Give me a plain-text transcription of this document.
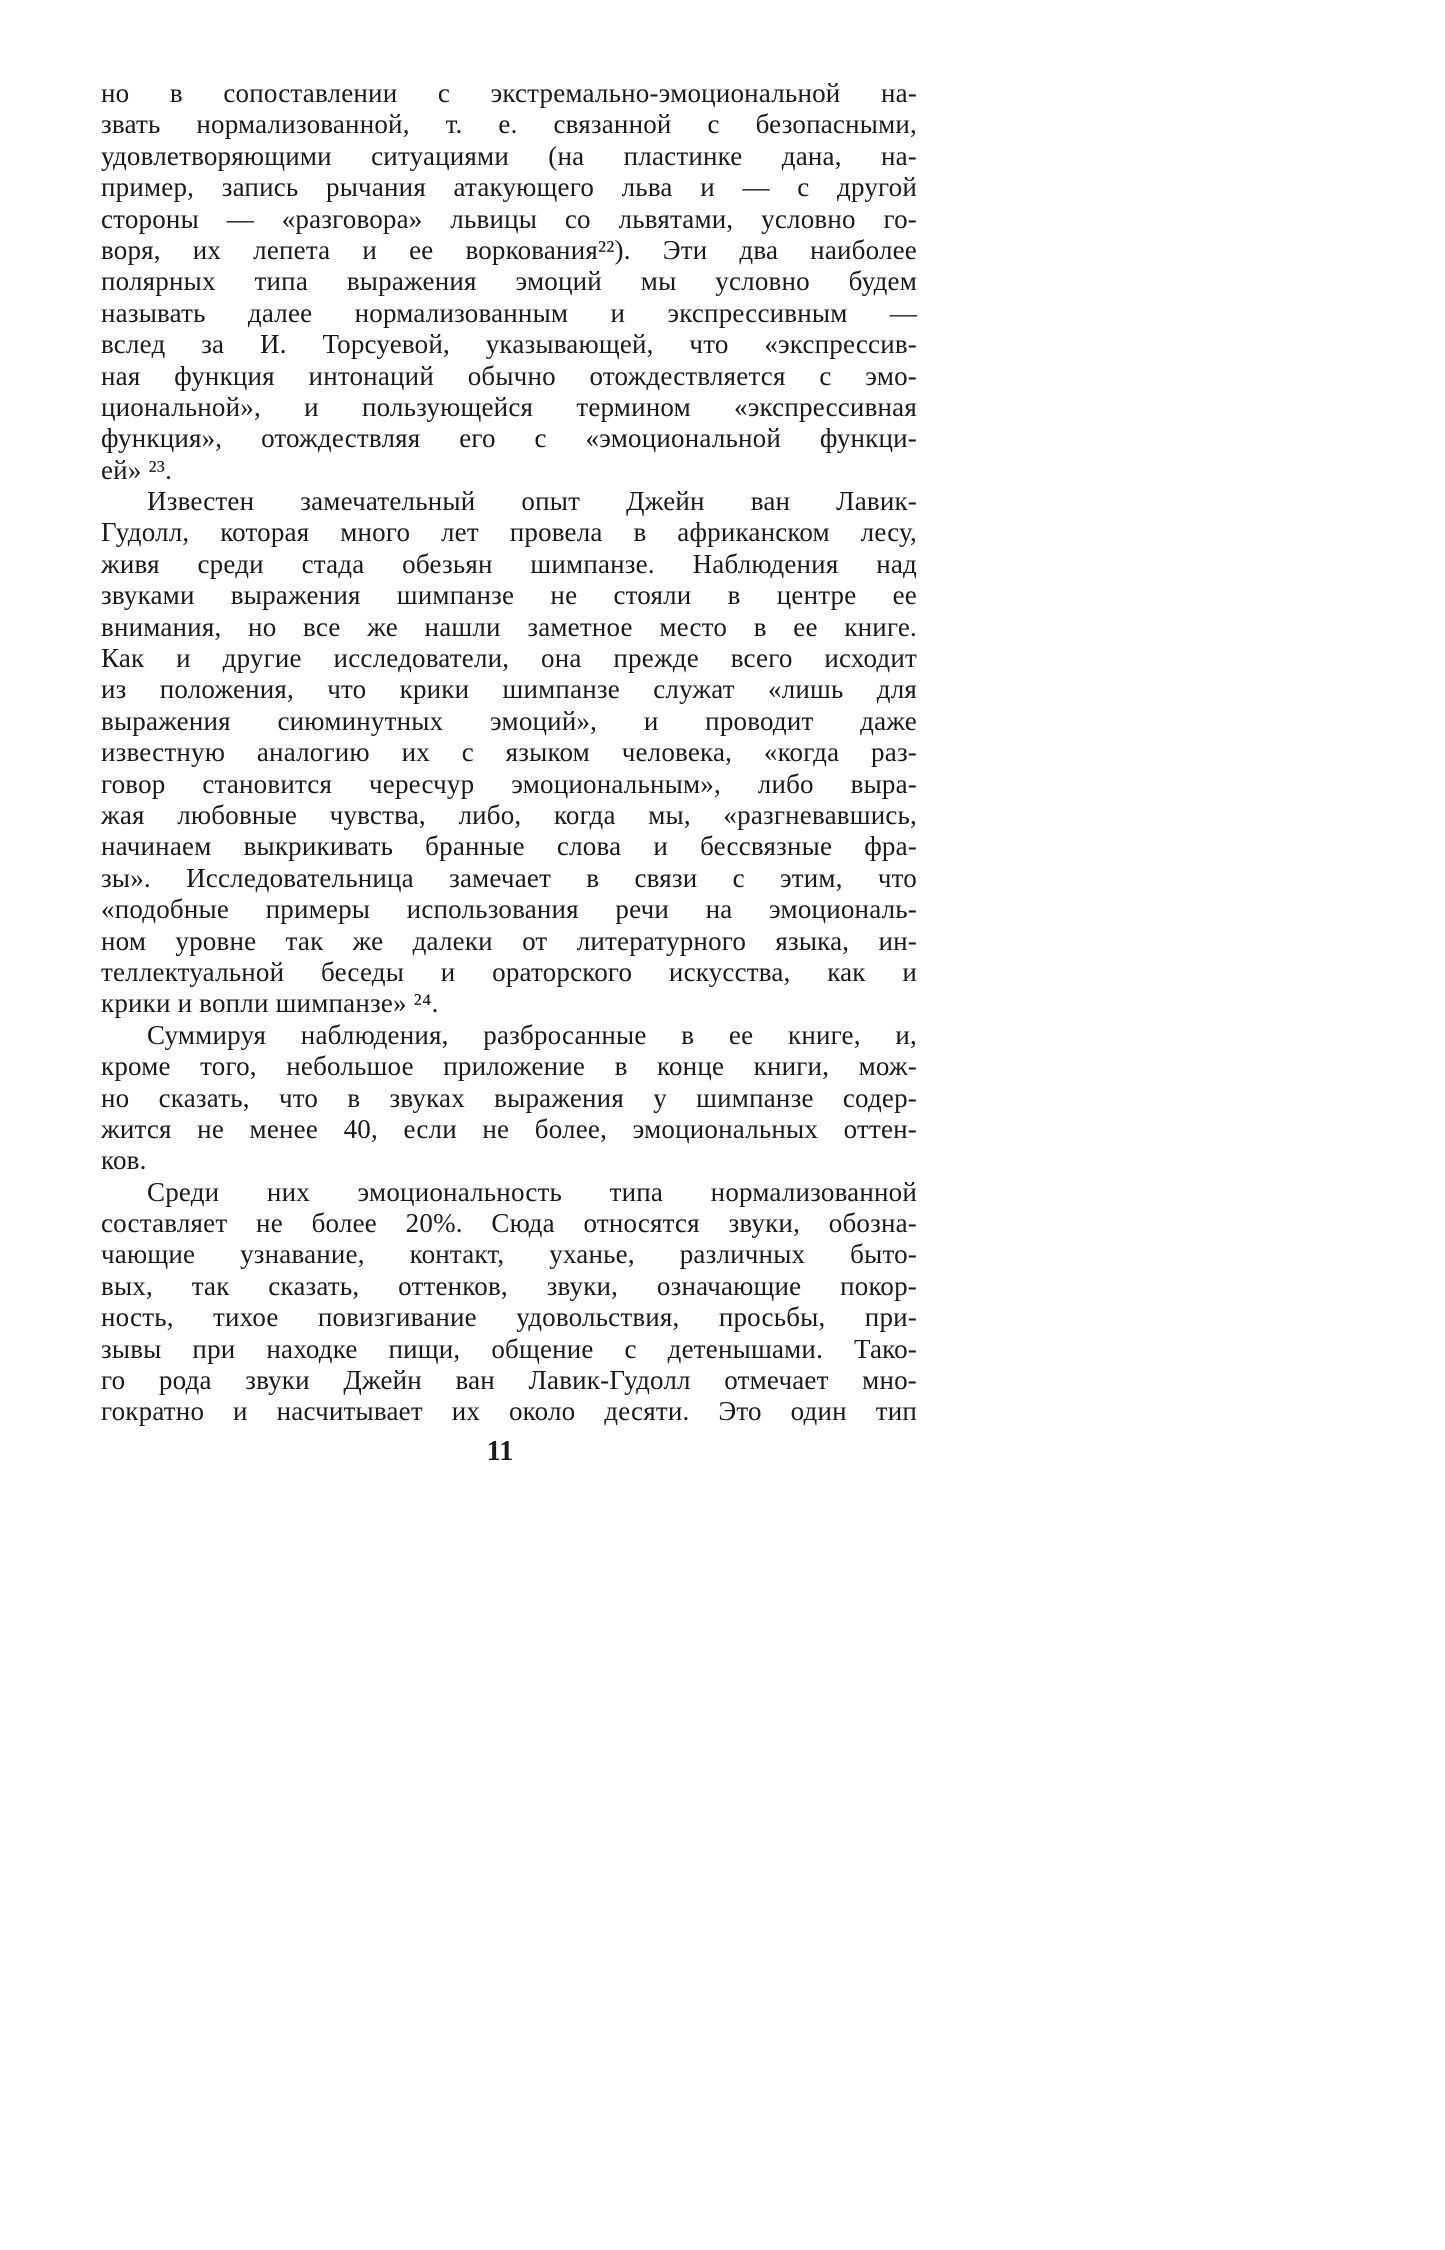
но в сопоставлении с экстремально-эмоциональной на-
звать нормализованной, т. е. связанной с безопасными,
удовлетворяющими ситуациями (на пластинке дана, на-
пример, запись рычания атакующего льва и — с другой
стороны — «разговора» львицы со львятами, условно го-
воря, их лепета и ее воркования²²). Эти два наиболее
полярных типа выражения эмоций мы условно будем
называть далее нормализованным и экспрессивным —
вслед за И. Торсуевой, указывающей, что «экспрессив-
ная функция интонаций обычно отождествляется с эмо-
циональной», и пользующейся термином «экспрессивная
функция», отождествляя его с «эмоциональной функци-
ей» ²³.
Известен замечательный опыт Джейн ван Лавик-
Гудолл, которая много лет провела в африканском лесу,
живя среди стада обезьян шимпанзе. Наблюдения над
звуками выражения шимпанзе не стояли в центре ее
внимания, но все же нашли заметное место в ее книге.
Как и другие исследователи, она прежде всего исходит
из положения, что крики шимпанзе служат «лишь для
выражения сиюминутных эмоций», и проводит даже
известную аналогию их с языком человека, «когда раз-
говор становится чересчур эмоциональным», либо выра-
жая любовные чувства, либо, когда мы, «разгневавшись,
начинаем выкрикивать бранные слова и бессвязные фра-
зы». Исследовательница замечает в связи с этим, что
«подобные примеры использования речи на эмоциональ-
ном уровне так же далеки от литературного языка, ин-
теллектуальной беседы и ораторского искусства, как и
крики и вопли шимпанзе» ²⁴.
Суммируя наблюдения, разбросанные в ее книге, и,
кроме того, небольшое приложение в конце книги, мож-
но сказать, что в звуках выражения у шимпанзе содер-
жится не менее 40, если не более, эмоциональных оттен-
ков.
Среди них эмоциональность типа нормализованной
составляет не более 20%. Сюда относятся звуки, обозна-
чающие узнавание, контакт, уханье, различных быто-
вых, так сказать, оттенков, звуки, означающие покор-
ность, тихое повизгивание удовольствия, просьбы, при-
зывы при находке пищи, общение с детенышами. Тако-
го рода звуки Джейн ван Лавик-Гудолл отмечает мно-
гократно и насчитывает их около десяти. Это один тип
11
